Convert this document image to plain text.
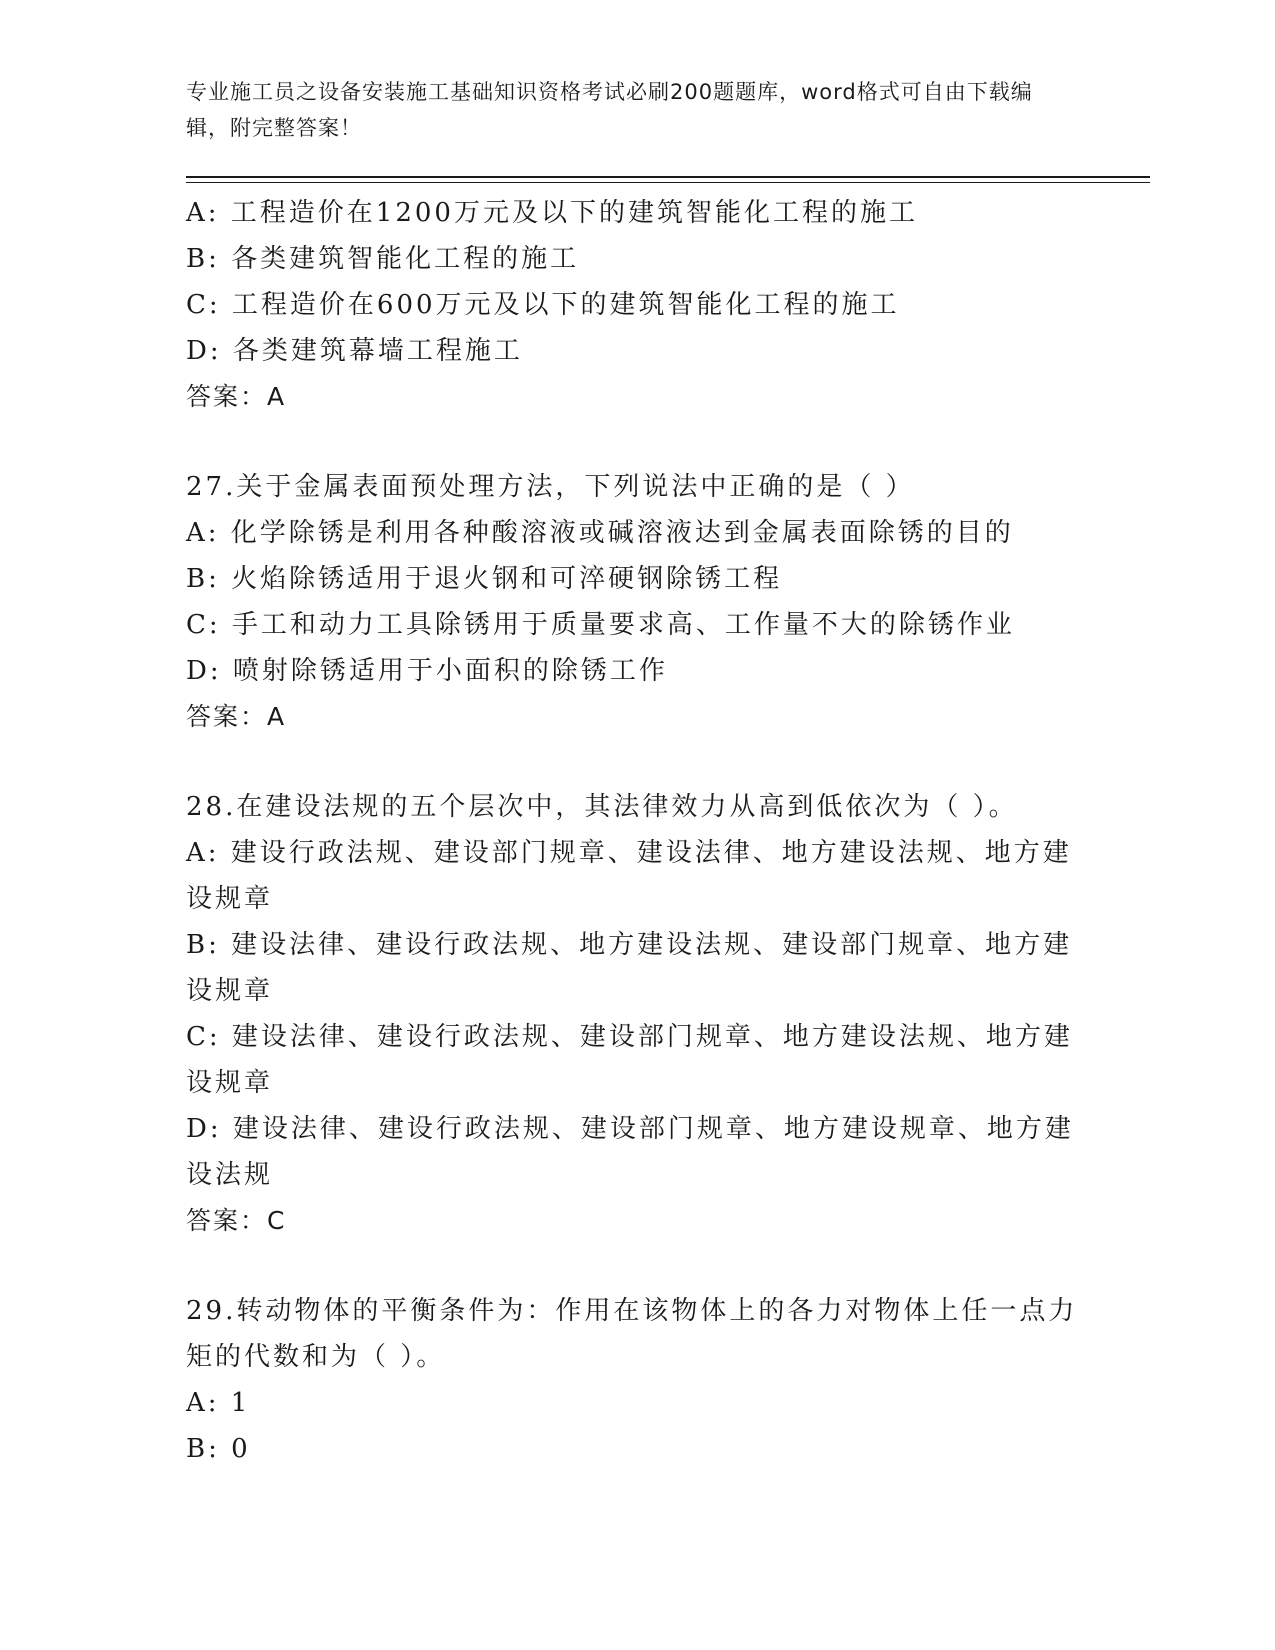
专业施工员之设备安装施工基础知识资格考试必刷200题题库，word格式可自由下载编辑，附完整答案！
A: 工程造价在1200万元及以下的建筑智能化工程的施工
B: 各类建筑智能化工程的施工
C: 工程造价在600万元及以下的建筑智能化工程的施工
D: 各类建筑幕墙工程施工
答案：A
27.关于金属表面预处理方法，下列说法中正确的是（ ）
A: 化学除锈是利用各种酸溶液或碱溶液达到金属表面除锈的目的
B: 火焰除锈适用于退火钢和可淬硬钢除锈工程
C: 手工和动力工具除锈用于质量要求高、工作量不大的除锈作业
D: 喷射除锈适用于小面积的除锈工作
答案：A
28.在建设法规的五个层次中，其法律效力从高到低依次为（ ）。
A: 建设行政法规、建设部门规章、建设法律、地方建设法规、地方建设规章
B: 建设法律、建设行政法规、地方建设法规、建设部门规章、地方建设规章
C: 建设法律、建设行政法规、建设部门规章、地方建设法规、地方建设规章
D: 建设法律、建设行政法规、建设部门规章、地方建设规章、地方建设法规
答案：C
29.转动物体的平衡条件为：作用在该物体上的各力对物体上任一点力矩的代数和为（ ）。
A: 1
B: 0
